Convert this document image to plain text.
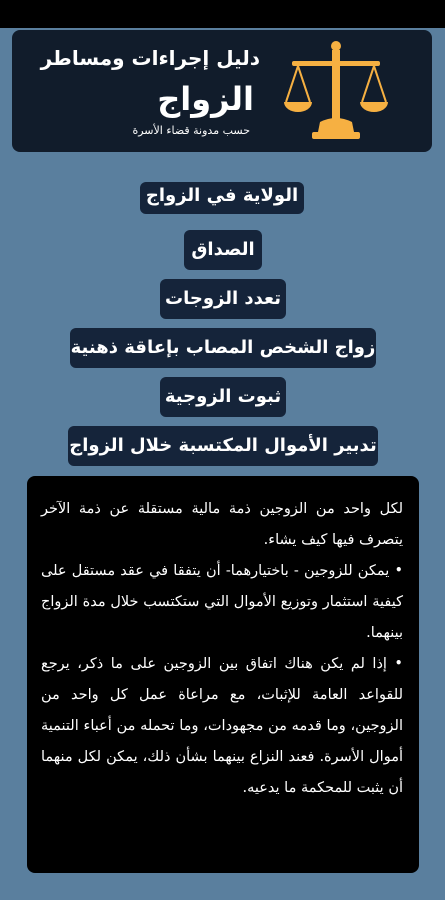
دليل إجراءات ومساطر
الزواج
حسب مدونة قضاء الأسرة
الولاية في الزواج
الصداق
تعدد الزوجات
زواج الشخص المصاب بإعاقة ذهنية
ثبوت الزوجية
تدبير الأموال المكتسبة خلال الزواج

لكل واحد من الزوجين ذمة مالية مستقلة عن ذمة الآخر يتصرف فيها كيف يشاء.

• يمكن للزوجين - باختيارهما- أن يتفقا في عقد مستقل على كيفية استثمار وتوزيع الأموال التي ستكتسب خلال مدة الزواج بينهما.

• إذا لم يكن هناك اتفاق بين الزوجين على ما ذكر، يرجع للقواعد العامة للإثبات، مع مراعاة عمل كل واحد من الزوجين، وما قدمه من مجهودات، وما تحمله من أعباء التنمية أموال الأسرة. فعند النزاع بينهما بشأن ذلك، يمكن لكل منهما أن يثبت للمحكمة ما يدعيه.
